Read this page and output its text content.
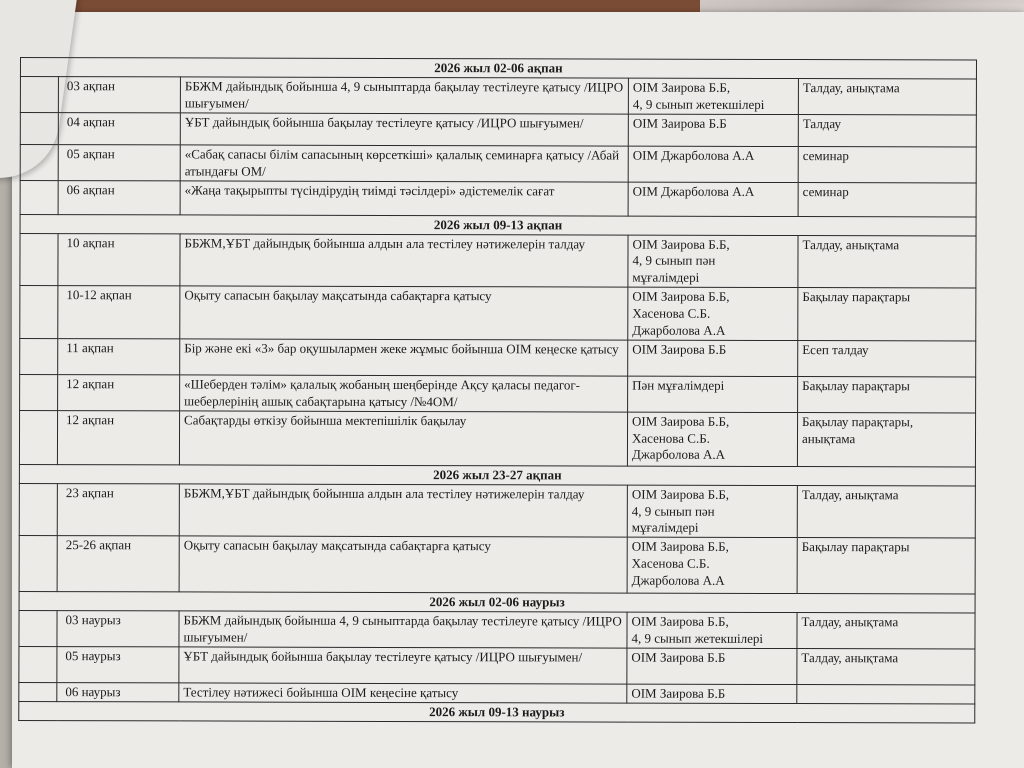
2026 жыл 02-06 ақпан				
	03 ақпан	ББЖМ дайындық бойынша 4, 9 сыныптарда бақылау тестілеуге қатысу /ИЦРО шығуымен/	ОІМ Заирова Б.Б,
4, 9 сынып жетекшілері	Талдау, анықтама
	04 ақпан	ҰБТ дайындық бойынша бақылау тестілеуге қатысу /ИЦРО шығуымен/	ОІМ Заирова Б.Б	Талдау
	05 ақпан	«Сабақ сапасы білім сапасының көрсеткіші» қалалық семинарға қатысу /Абай атындағы ОМ/	ОІМ Джарболова А.А	семинар
	06 ақпан	«Жаңа тақырыпты түсіндірудің тиімді тәсілдері» әдістемелік сағат	ОІМ Джарболова А.А	семинар
2026 жыл 09-13 ақпан				
	10 ақпан	ББЖМ,ҰБТ дайындық бойынша алдын ала тестілеу нәтижелерін талдау	ОІМ Заирова Б.Б,
4, 9 сынып пән
мұғалімдері	Талдау, анықтама
	10-12 ақпан	Оқыту сапасын бақылау мақсатында сабақтарға қатысу	ОІМ Заирова Б.Б,
Хасенова С.Б.
Джарболова А.А	Бақылау парақтары
	11 ақпан	Бір және екі «3» бар оқушылармен жеке жұмыс бойынша ОІМ кеңеске қатысу	ОІМ Заирова Б.Б	Есеп талдау
	12 ақпан	«Шеберден тәлім» қалалық жобаның шеңберінде Ақсу қаласы педагог-шеберлерінің ашық сабақтарына қатысу /№4ОМ/	Пән мұғалімдері	Бақылау парақтары
	12 ақпан	Сабақтарды өткізу бойынша мектепішілік бақылау	ОІМ Заирова Б.Б,
Хасенова С.Б.
Джарболова А.А	Бақылау парақтары,
анықтама
2026 жыл 23-27 ақпан				
	23 ақпан	ББЖМ,ҰБТ дайындық бойынша алдын ала тестілеу нәтижелерін талдау	ОІМ Заирова Б.Б,
4, 9 сынып пән
мұғалімдері	Талдау, анықтама
	25-26 ақпан	Оқыту сапасын бақылау мақсатында сабақтарға қатысу	ОІМ Заирова Б.Б,
Хасенова С.Б.
Джарболова А.А	Бақылау парақтары
2026 жыл 02-06 наурыз				
	03 наурыз	ББЖМ дайындық бойынша 4, 9 сыныптарда бақылау тестілеуге қатысу /ИЦРО шығуымен/	ОІМ Заирова Б.Б,
4, 9 сынып жетекшілері	Талдау, анықтама
	05 наурыз	ҰБТ дайындық бойынша бақылау тестілеуге қатысу /ИЦРО шығуымен/	ОІМ Заирова Б.Б	Талдау, анықтама
	06 наурыз	Тестілеу нәтижесі бойынша ОІМ кеңесіне қатысу	ОІМ Заирова Б.Б	
2026 жыл 09-13 наурыз				
